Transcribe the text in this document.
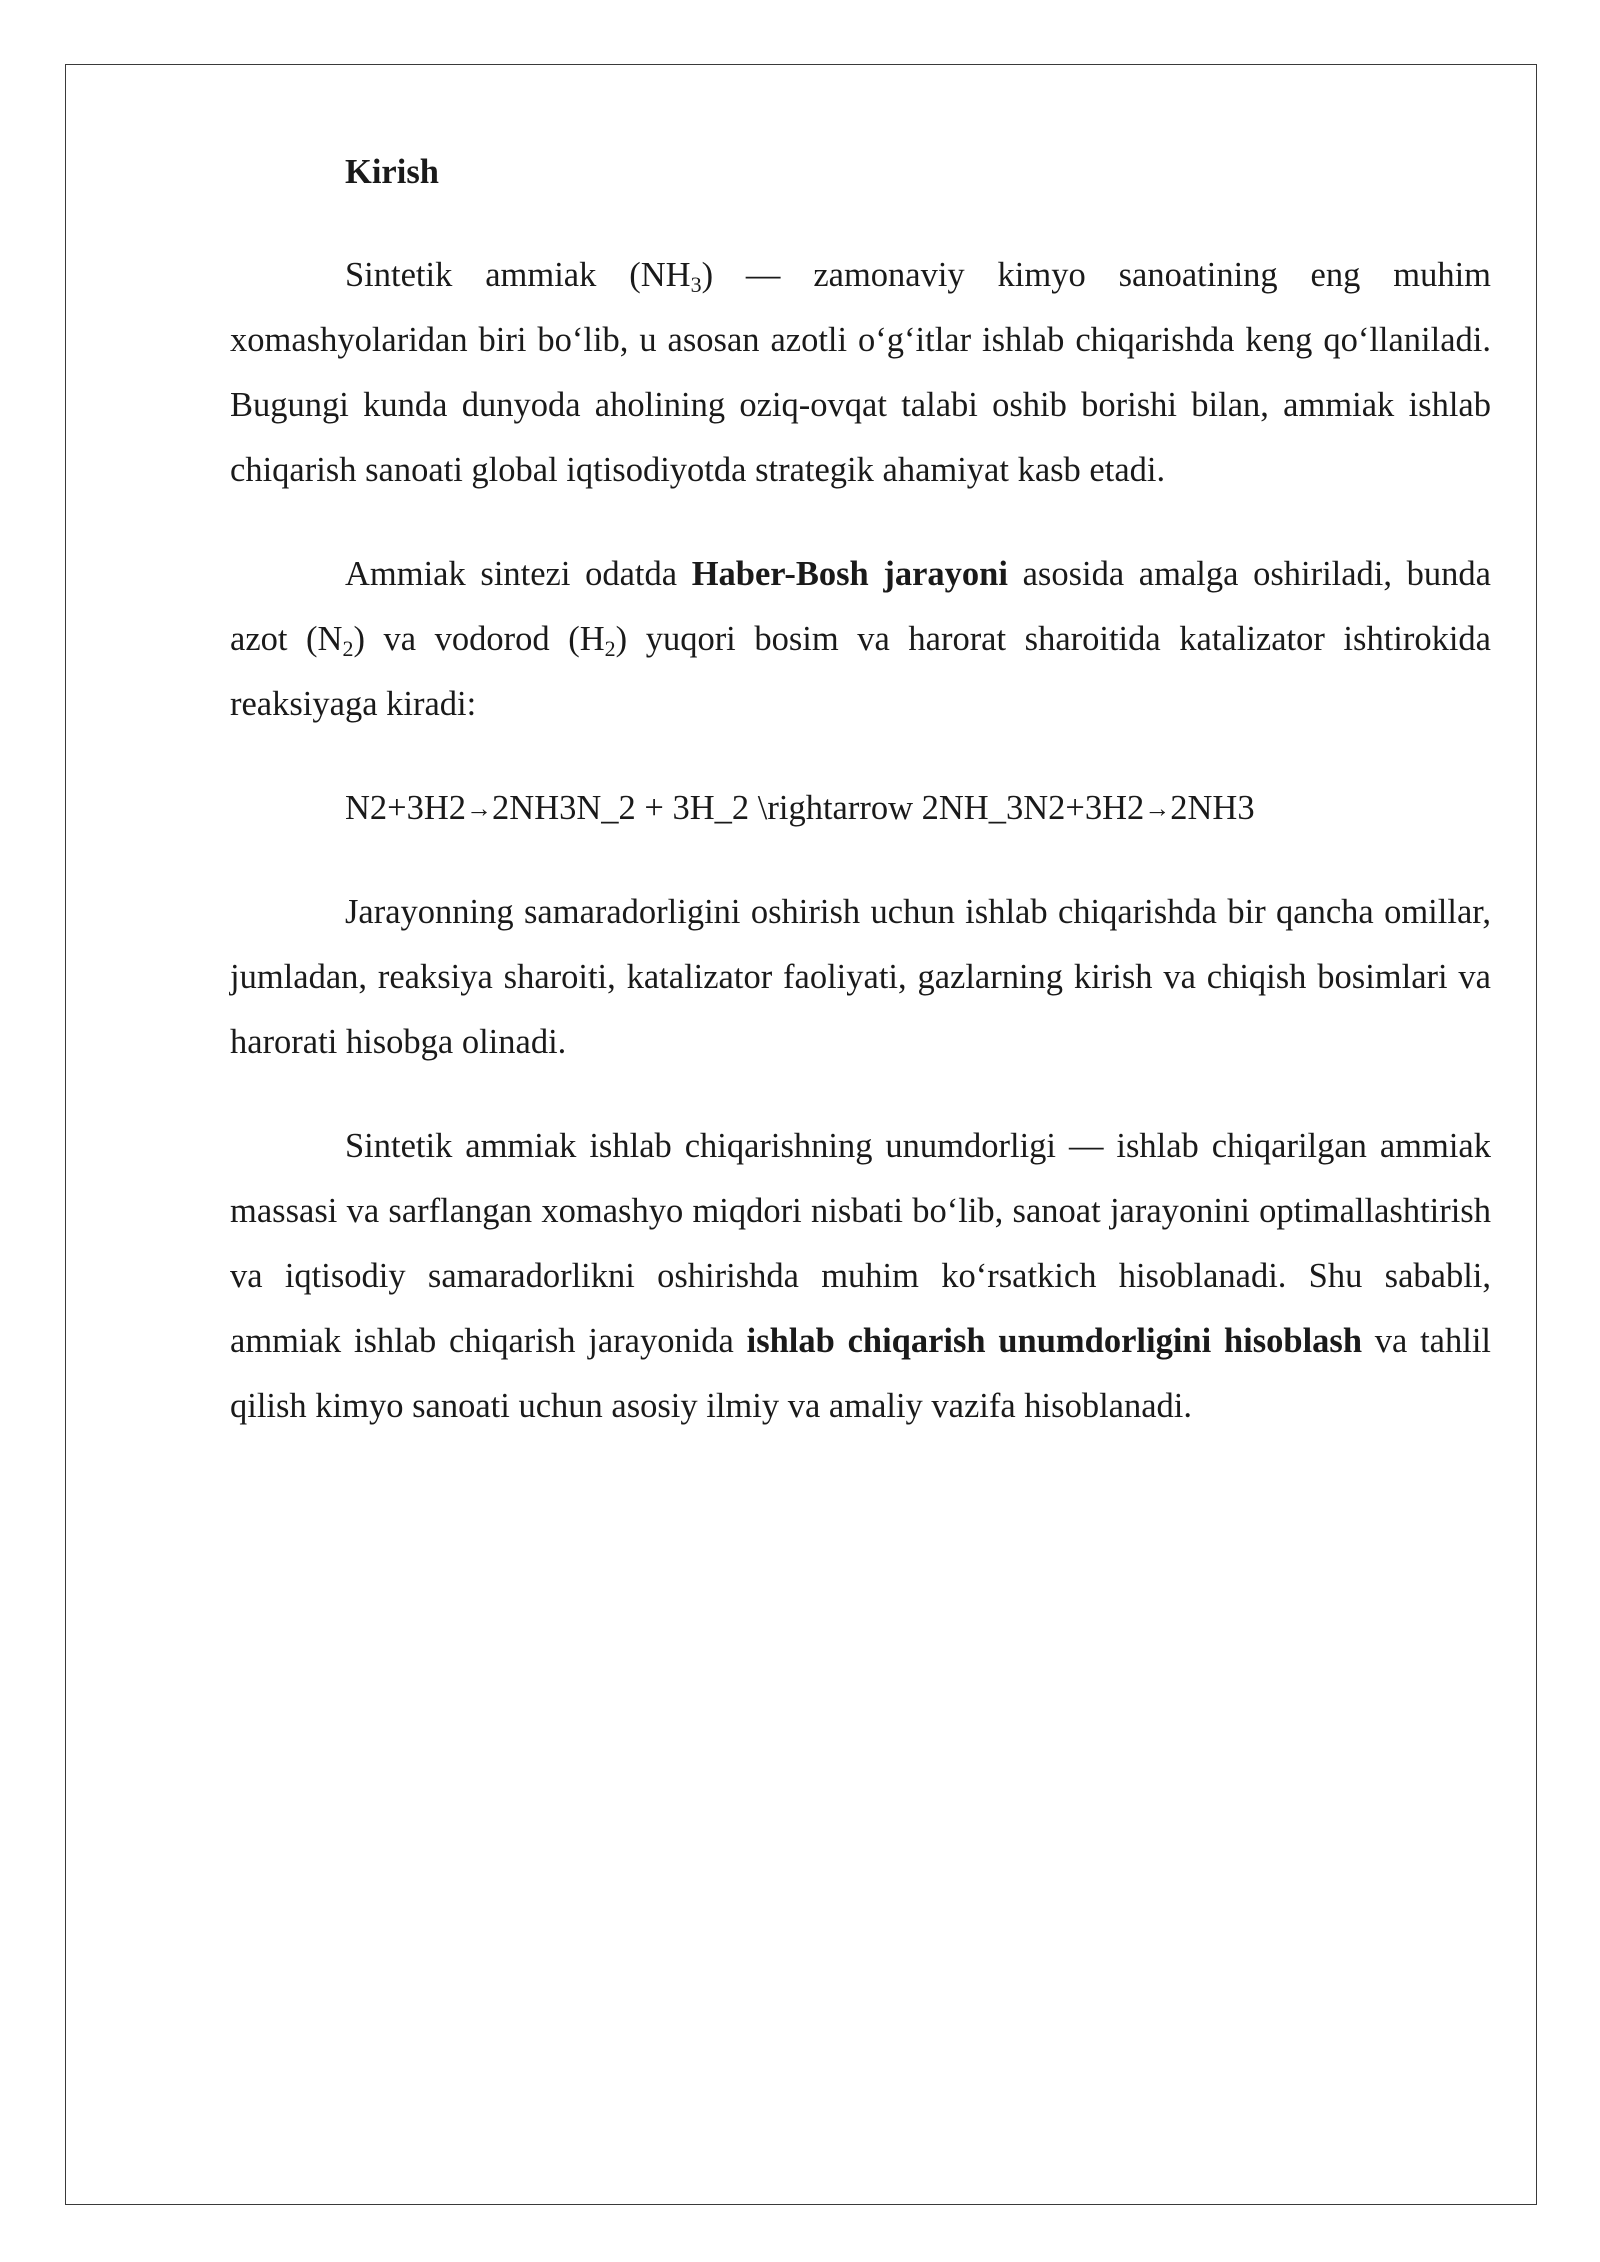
Kirish

Sintetik ammiak $(NH_3)$ — zamonaviy kimyo sanoatining eng muhim xomashyolaridan biri bo‘lib, u asosan azotli o‘g‘itlar ishlab chiqarishda keng qo‘llaniladi. Bugungi kunda dunyoda aholining oziq-ovqat talabi oshib borishi bilan, ammiak ishlab chiqarish sanoati global iqtisodiyotda strategik ahamiyat kasb etadi.

Ammiak sintezi odatda Haber-Bosh jarayoni asosida amalga oshiriladi, bunda azot $(N_2)$ va vodorod $(H_2)$ yuqori bosim va harorat sharoitida katalizator ishtirokida reaksiyaga kiradi:

N2+3H2→2NH3N_2 + 3H_2 \rightarrow 2NH_3N2+3H2→2NH3

Jarayonning samaradorligini oshirish uchun ishlab chiqarishda bir qancha omillar, jumladan, reaksiya sharoiti, katalizator faoliyati, gazlarning kirish va chiqish bosimlari va harorati hisobga olinadi.

Sintetik ammiak ishlab chiqarishning unumdorligi — ishlab chiqarilgan ammiak massasi va sarflangan xomashyo miqdori nisbati bo‘lib, sanoat jarayonini optimallashtirish va iqtisodiy samaradorlikni oshirishda muhim ko‘rsatkich hisoblanadi. Shu sababli, ammiak ishlab chiqarish jarayonida ishlab chiqarish unumdorligini hisoblash va tahlil qilish kimyo sanoati uchun asosiy ilmiy va amaliy vazifa hisoblanadi.
